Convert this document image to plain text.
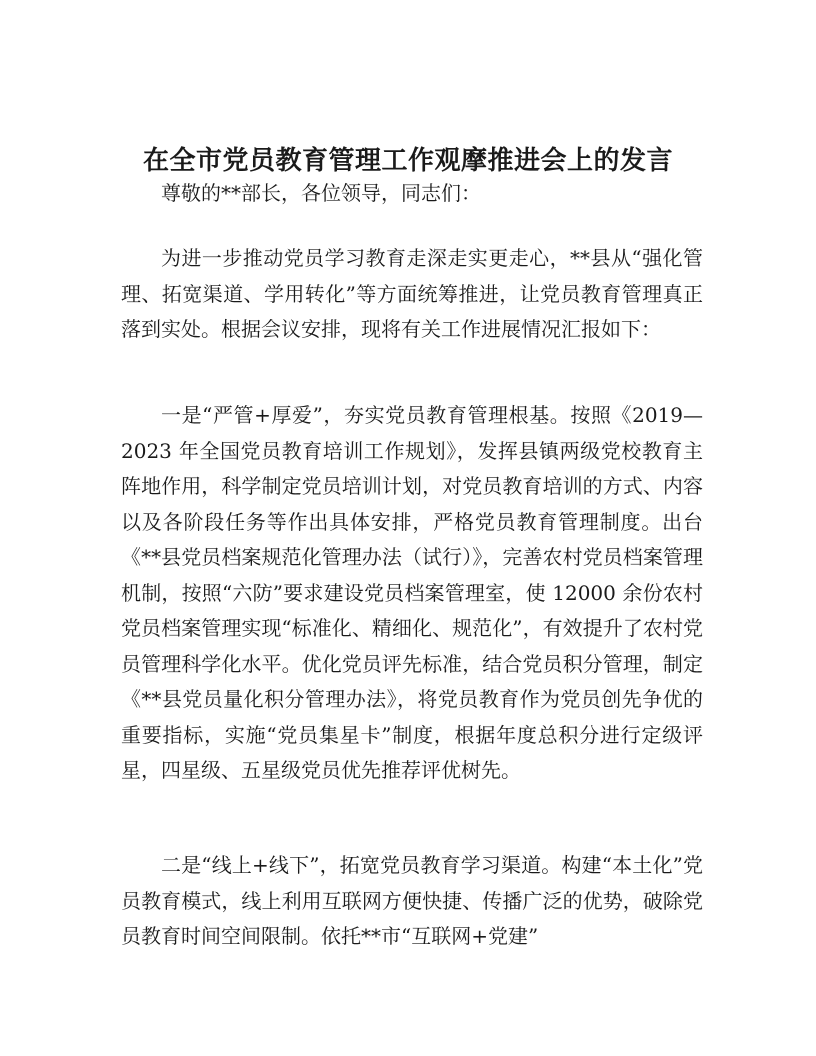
在全市党员教育管理工作观摩推进会上的发言

尊敬的**部长，各位领导，同志们：

为进一步推动党员学习教育走深走实更走心，**县从“强化管理、拓宽渠道、学用转化”等方面统筹推进，让党员教育管理真正落到实处。根据会议安排，现将有关工作进展情况汇报如下：

一是“严管+厚爱”，夯实党员教育管理根基。按照《2019—2023 年全国党员教育培训工作规划》，发挥县镇两级党校教育主阵地作用，科学制定党员培训计划，对党员教育培训的方式、内容以及各阶段任务等作出具体安排，严格党员教育管理制度。出台《**县党员档案规范化管理办法（试行）》，完善农村党员档案管理机制，按照“六防”要求建设党员档案管理室，使 12000 余份农村党员档案管理实现“标准化、精细化、规范化”，有效提升了农村党员管理科学化水平。优化党员评先标准，结合党员积分管理，制定《**县党员量化积分管理办法》，将党员教育作为党员创先争优的重要指标，实施“党员集星卡”制度，根据年度总积分进行定级评星，四星级、五星级党员优先推荐评优树先。

二是“线上+线下”，拓宽党员教育学习渠道。构建“本土化”党员教育模式，线上利用互联网方便快捷、传播广泛的优势，破除党员教育时间空间限制。依托**市“互联网+党建”
